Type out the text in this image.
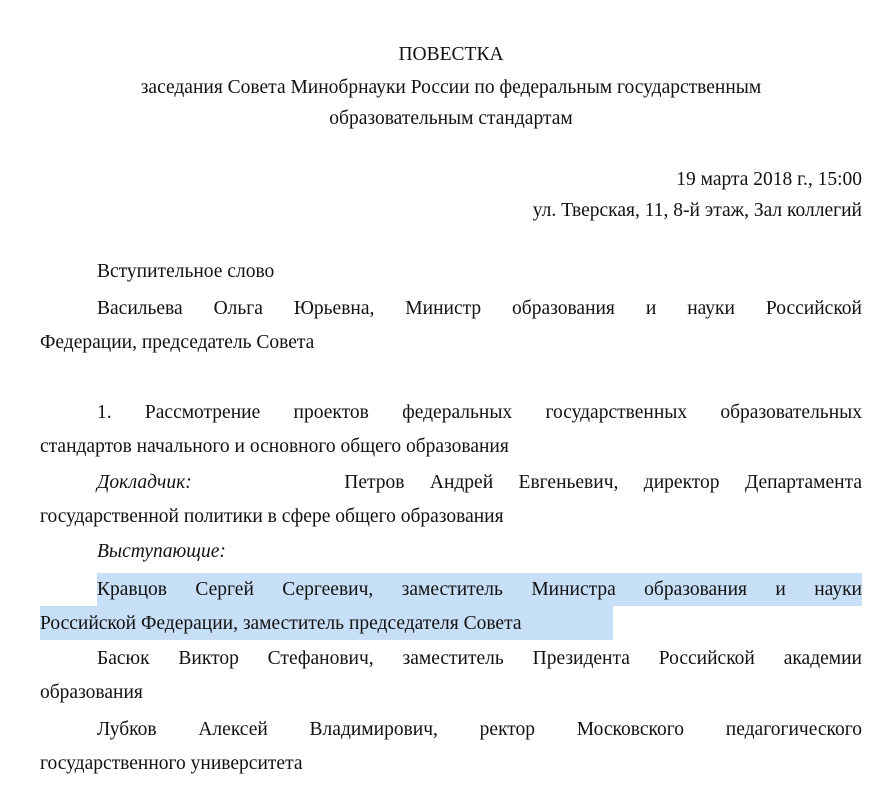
ПОВЕСТКА
заседания Совета Минобрнауки России по федеральным государственным
образовательным стандартам
19 марта 2018 г., 15:00
ул. Тверская, 11, 8-й этаж, Зал коллегий
Вступительное слово
Васильева Ольга Юрьевна, Министр образования и науки Российской
Федерации, председатель Совета
1. Рассмотрение проектов федеральных государственных образовательных
стандартов начального и основного общего образования
Докладчик:	Петров Андрей Евгеньевич, директор Департамента
государственной политики в сфере общего образования
Выступающие:
Кравцов Сергей Сергеевич, заместитель Министра образования и науки
Российской Федерации, заместитель председателя Совета
Басюк Виктор Стефанович, заместитель Президента Российской академии
образования
Лубков Алексей Владимирович, ректор Московского педагогического
государственного университета
